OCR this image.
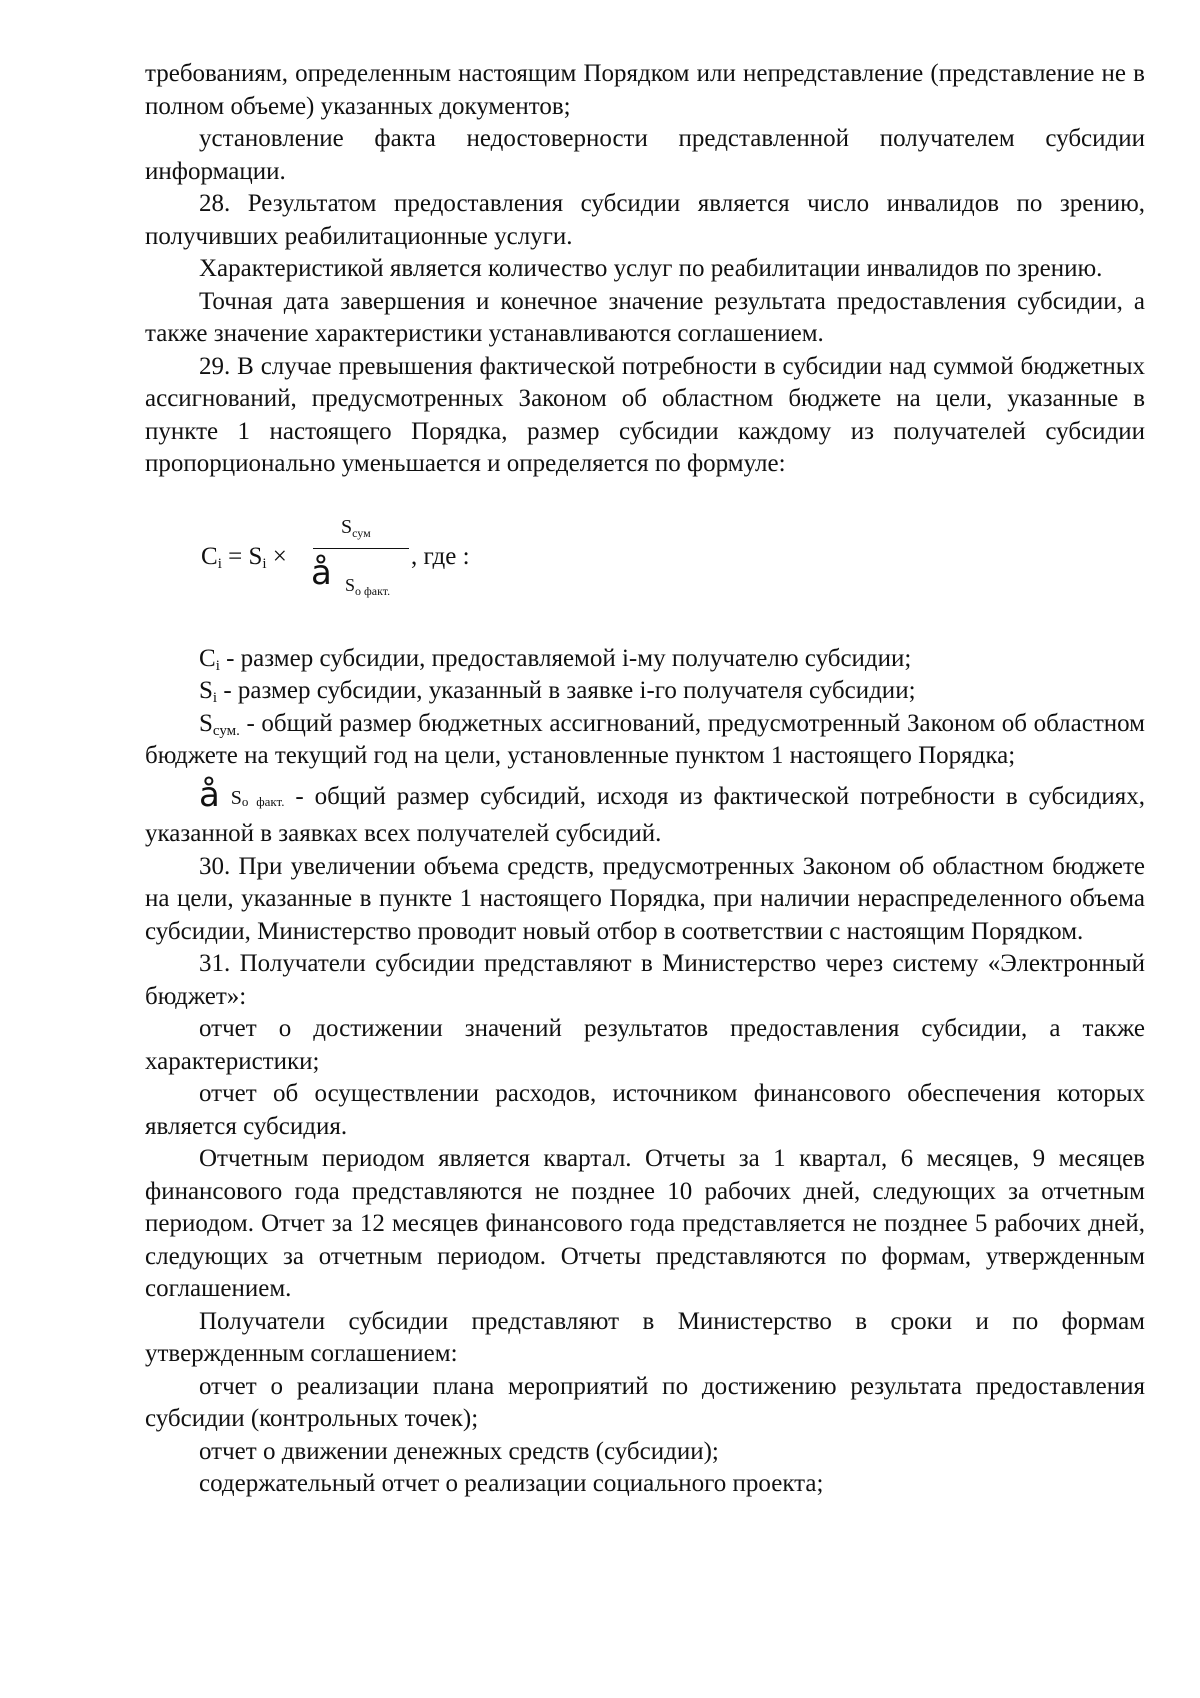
требованиям, определенным настоящим Порядком или непредставление (представление не в полном объеме) указанных документов;

установление факта недостоверности представленной получателем субсидии информации.

28. Результатом предоставления субсидии является число инвалидов по зрению, получивших реабилитационные услуги.

Характеристикой является количество услуг по реабилитации инвалидов по зрению.

Точная дата завершения и конечное значение результата предоставления субсидии, а также значение характеристики устанавливаются соглашением.

29. В случае превышения фактической потребности в субсидии над суммой бюджетных ассигнований, предусмотренных Законом об областном бюджете на цели, указанные в пункте 1 настоящего Порядка, размер субсидии каждому из получателей субсидии пропорционально уменьшается и определяется по формуле:

$C_i = S_i$ ×
$S_{сум}$
å $S_{о факт.}$
, где :

$C_i$ - размер субсидии, предоставляемой i-му получателю субсидии;

$S_i$ - размер субсидии, указанный в заявке i-го получателя субсидии;

$S_{сум.}$ - общий размер бюджетных ассигнований, предусмотренный Законом об областном бюджете на текущий год на цели, установленные пунктом 1 настоящего Порядка;

å Sо факт. - общий размер субсидий, исходя из фактической потребности в субсидиях, указанной в заявках всех получателей субсидий.

30. При увеличении объема средств, предусмотренных Законом об областном бюджете на цели, указанные в пункте 1 настоящего Порядка, при наличии нераспределенного объема субсидии, Министерство проводит новый отбор в соответствии с настоящим Порядком.

31. Получатели субсидии представляют в Министерство через систему «Электронный бюджет»:

отчет о достижении значений результатов предоставления субсидии, а также характеристики;

отчет об осуществлении расходов, источником финансового обеспечения которых является субсидия.

Отчетным периодом является квартал. Отчеты за 1 квартал, 6 месяцев, 9 месяцев финансового года представляются не позднее 10 рабочих дней, следующих за отчетным периодом. Отчет за 12 месяцев финансового года представляется не позднее 5 рабочих дней, следующих за отчетным периодом. Отчеты представляются по формам, утвержденным соглашением.

Получатели субсидии представляют в Министерство в сроки и по формам утвержденным соглашением:

отчет о реализации плана мероприятий по достижению результата предоставления субсидии (контрольных точек);

отчет о движении денежных средств (субсидии);

содержательный отчет о реализации социального проекта;
